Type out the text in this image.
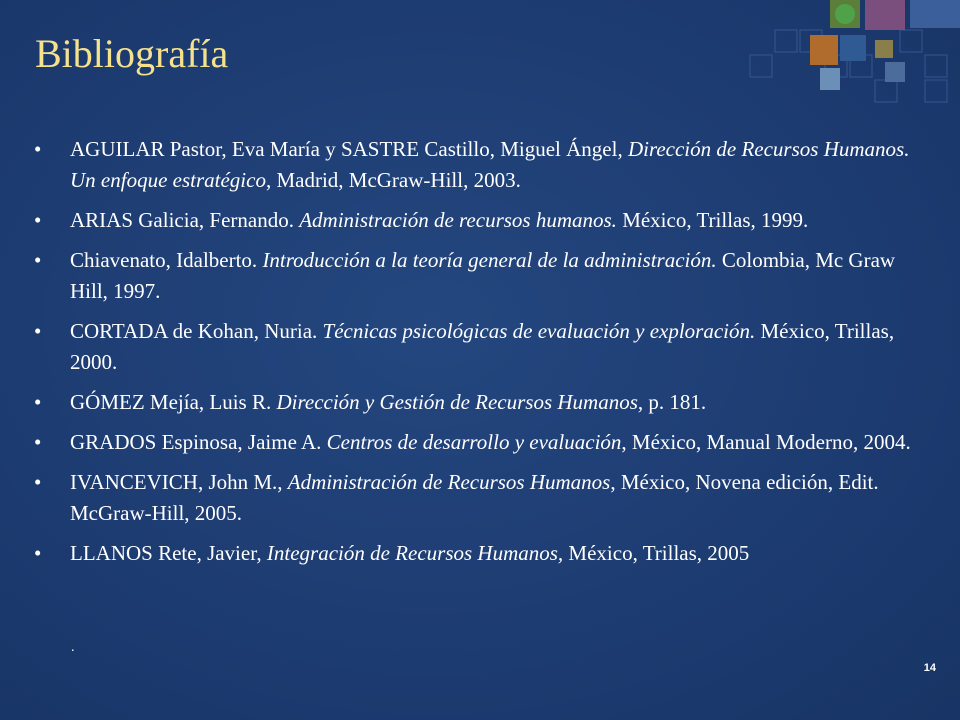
Bibliografía
• AGUILAR Pastor, Eva María y SASTRE Castillo, Miguel Ángel, Dirección de Recursos Humanos. Un enfoque estratégico, Madrid, McGraw-Hill, 2003.
• ARIAS Galicia, Fernando. Administración de recursos humanos. México, Trillas, 1999.
• Chiavenato, Idalberto. Introducción a la teoría general de la administración. Colombia, Mc Graw Hill, 1997.
• CORTADA de Kohan, Nuria. Técnicas psicológicas de evaluación y exploración. México, Trillas, 2000.
• GÓMEZ Mejía, Luis R. Dirección y Gestión de Recursos Humanos, p. 181.
• GRADOS Espinosa, Jaime A. Centros de desarrollo y evaluación, México, Manual Moderno, 2004.
• IVANCEVICH, John M., Administración de Recursos Humanos, México, Novena edición, Edit. McGraw-Hill, 2005.
• LLANOS Rete, Javier, Integración de Recursos Humanos, México, Trillas, 2005
.
14
